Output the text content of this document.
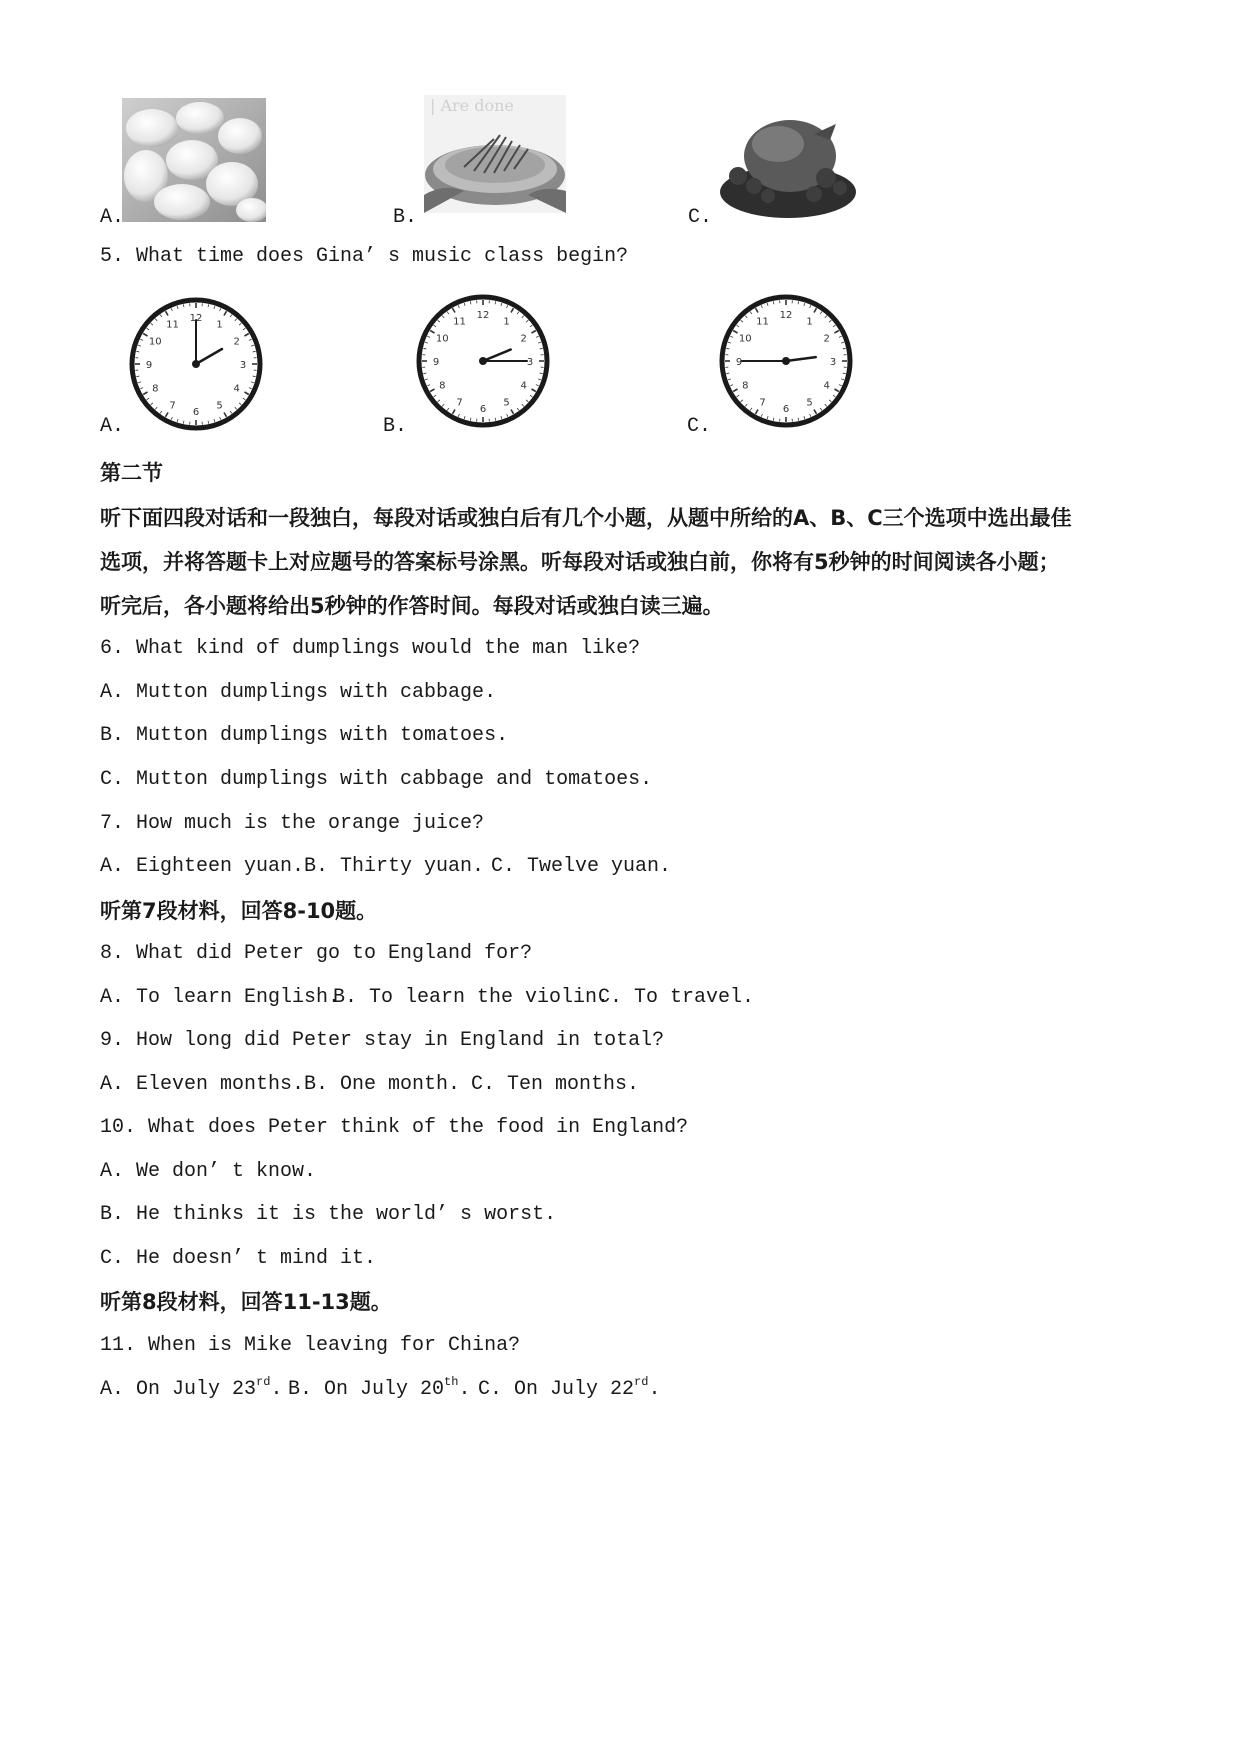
| Are done
A.	B.	C.
5. What time does Gina’ s music class begin?
12
1
2
3
4
5
6
7
8
9
10
11
12
1
2
3
4
5
6
7
8
9
10
11
12
1
2
3
4
5
6
7
8
9
10
11
A.	B.	C.
第二节
听下面四段对话和一段独白，每段对话或独白后有几个小题，从题中所给的A、B、C三个选项中选出最佳
选项，并将答题卡上对应题号的答案标号涂黑。听每段对话或独白前，你将有5秒钟的时间阅读各小题；
听完后，各小题将给出5秒钟的作答时间。每段对话或独白读三遍。
6. What kind of dumplings would the man like?
A. Mutton dumplings with cabbage.
B. Mutton dumplings with tomatoes.
C. Mutton dumplings with cabbage and tomatoes.
7. How much is the orange juice?
A. Eighteen yuan. B. Thirty yuan. C. Twelve yuan.
听第7段材料，回答8-10题。
8. What did Peter go to England for?
A. To learn English.
B. To learn the violin.
C. To travel.
9. How long did Peter stay in England in total?
A. Eleven months. B. One month. C. Ten months.
10. What does Peter think of the food in England?
A. We don’ t know.
B. He thinks it is the world’ s worst.
C. He doesn’ t mind it.
听第8段材料，回答11-13题。
11. When is Mike leaving for China?
A. On July 23rd. B. On July 20th. C. On July 22rd.
